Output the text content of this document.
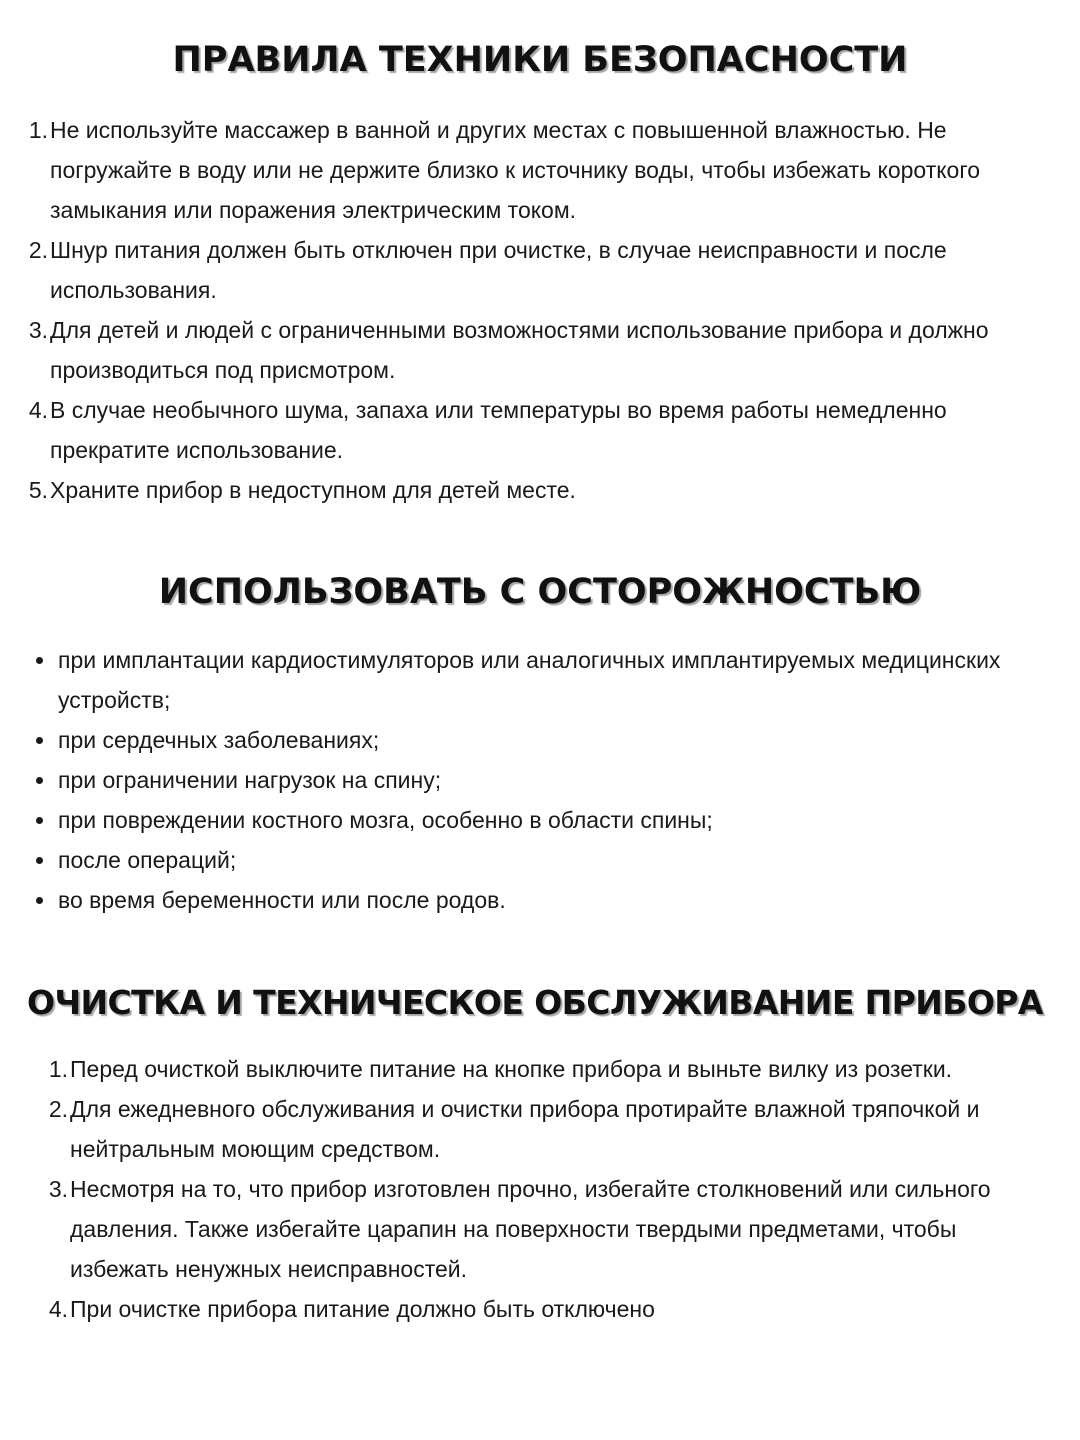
ПРАВИЛА ТЕХНИКИ БЕЗОПАСНОСТИ
1. Не используйте массажер в ванной и других местах с повышенной влажностью. Не погружайте в воду или не держите близко к источнику воды, чтобы избежать короткого замыкания или поражения электрическим током.
2. Шнур питания должен быть отключен при очистке, в случае неисправности и после использования.
3. Для детей и людей с ограниченными возможностями использование прибора и должно производиться под присмотром.
4. В случае необычного шума, запаха или температуры во время работы немедленно прекратите использование.
5. Храните прибор в недоступном для детей месте.
ИСПОЛЬЗОВАТЬ С ОСТОРОЖНОСТЬЮ
при имплантации кардиостимуляторов или аналогичных имплантируемых медицинских устройств;
при сердечных заболеваниях;
при ограничении нагрузок на спину;
при повреждении костного мозга, особенно в области спины;
после операций;
во время беременности или после родов.
ОЧИСТКА И ТЕХНИЧЕСКОЕ ОБСЛУЖИВАНИЕ ПРИБОРА
1. Перед очисткой выключите питание на кнопке прибора и выньте вилку из розетки.
2. Для ежедневного обслуживания и очистки прибора протирайте влажной тряпочкой и нейтральным моющим средством.
3. Несмотря на то, что прибор изготовлен прочно, избегайте столкновений или сильного давления. Также избегайте царапин на поверхности твердыми предметами, чтобы избежать ненужных неисправностей.
4. При очистке прибора питание должно быть отключено
